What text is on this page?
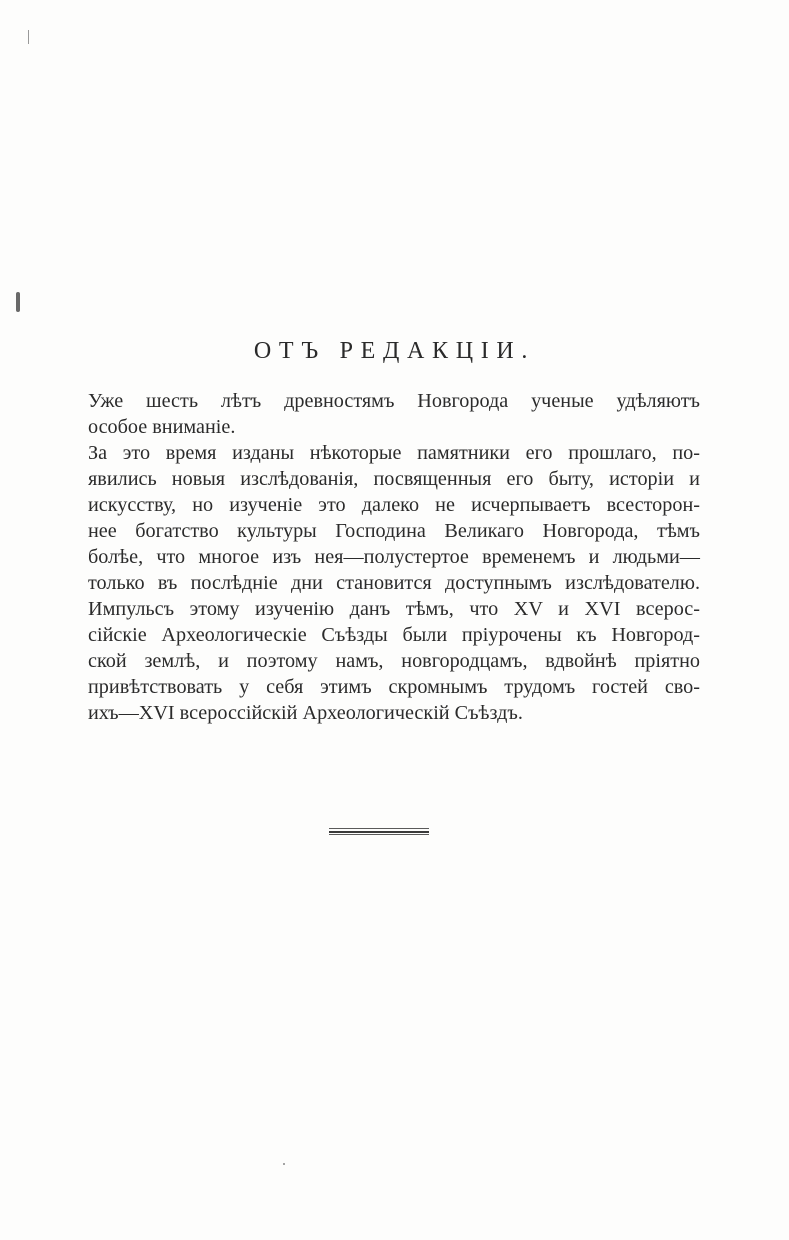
ОТЪ РЕДАКЦІИ.
Уже шесть лѣтъ древностямъ Новгорода ученые удѣляютъ
особое вниманіе.
За это время изданы нѣкоторые памятники его прошлаго, по-
явились новыя изслѣдованія, посвященныя его быту, исторіи и
искусству, но изученіе это далеко не исчерпываетъ всесторон-
нее богатство культуры Господина Великаго Новгорода, тѣмъ
болѣе, что многое изъ нея—полустертое временемъ и людьми—
только въ послѣдніе дни становится доступнымъ изслѣдователю.
Импульсъ этому изученію данъ тѣмъ, что XV и XVI всерос-
сійскіе Археологическіе Съѣзды были пріурочены къ Новгород-
ской землѣ, и поэтому намъ, новгородцамъ, вдвойнѣ пріятно
привѣтствовать у себя этимъ скромнымъ трудомъ гостей сво-
ихъ—XVI всероссійскій Археологическій Съѣздъ.
